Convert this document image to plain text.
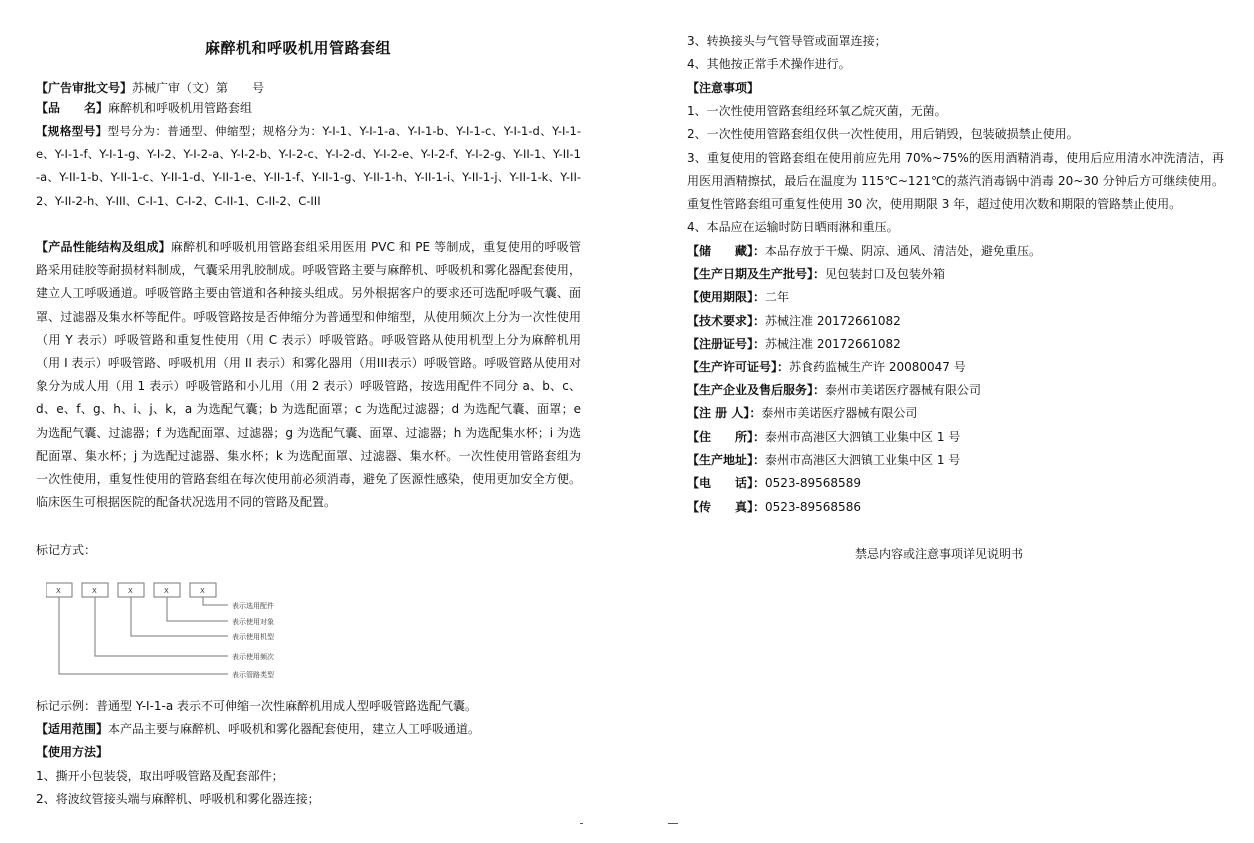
麻醉机和呼吸机用管路套组
【广告审批文号】苏械广审（文）第　　号
【品　　名】麻醉机和呼吸机用管路套组
【规格型号】型号分为：普通型、伸缩型；规格分为：Y-I-1、Y-I-1-a、Y-I-1-b、Y-I-1-c、Y-I-1-d、Y-I-1-e、Y-I-1-f、Y-I-1-g、Y-I-2、Y-I-2-a、Y-I-2-b、Y-I-2-c、Y-I-2-d、Y-I-2-e、Y-I-2-f、Y-I-2-g、Y-II-1、Y-II-1-a、Y-II-1-b、Y-II-1-c、Y-II-1-d、Y-II-1-e、Y-II-1-f、Y-II-1-g、Y-II-1-h、Y-II-1-i、Y-II-1-j、Y-II-1-k、Y-II-2、Y-II-2-h、Y-III、C-I-1、C-I-2、C-II-1、C-II-2、C-III
【产品性能结构及组成】麻醉机和呼吸机用管路套组采用医用 PVC 和 PE 等制成，重复使用的呼吸管路采用硅胶等耐损材料制成，气囊采用乳胶制成。呼吸管路主要与麻醉机、呼吸机和雾化器配套使用，建立人工呼吸通道。呼吸管路主要由管道和各种接头组成。另外根据客户的要求还可选配呼吸气囊、面罩、过滤器及集水杯等配件。呼吸管路按是否伸缩分为普通型和伸缩型，从使用频次上分为一次性使用（用 Y 表示）呼吸管路和重复性使用（用 C 表示）呼吸管路。呼吸管路从使用机型上分为麻醉机用（用 I 表示）呼吸管路、呼吸机用（用 II 表示）和雾化器用（用III表示）呼吸管路。呼吸管路从使用对象分为成人用（用 1 表示）呼吸管路和小儿用（用 2 表示）呼吸管路，按选用配件不同分 a、b、c、d、e、f、g、h、i、j、k，a 为选配气囊；b 为选配面罩；c 为选配过滤器；d 为选配气囊、面罩；e 为选配气囊、过滤器；f 为选配面罩、过滤器；g 为选配气囊、面罩、过滤器；h 为选配集水杯；i 为选配面罩、集水杯；j 为选配过滤器、集水杯；k 为选配面罩、过滤器、集水杯。一次性使用管路套组为一次性使用，重复性使用的管路套组在每次使用前必须消毒，避免了医源性感染，使用更加安全方便。临床医生可根据医院的配备状况选用不同的管路及配置。
标记方式：
X	X	X	X	X
表示选用配件
表示使用对象
表示使用机型
表示使用频次
表示管路类型
标记示例：普通型 Y-I-1-a 表示不可伸缩一次性麻醉机用成人型呼吸管路选配气囊。
【适用范围】本产品主要与麻醉机、呼吸机和雾化器配套使用，建立人工呼吸通道。
【使用方法】
1、撕开小包装袋，取出呼吸管路及配套部件；
2、将波纹管接头端与麻醉机、呼吸机和雾化器连接；
3、转换接头与气管导管或面罩连接；
4、其他按正常手术操作进行。
【注意事项】
1、一次性使用管路套组经环氧乙烷灭菌，无菌。
2、一次性使用管路套组仅供一次性使用，用后销毁，包装破损禁止使用。
3、重复使用的管路套组在使用前应先用 70%~75%的医用酒精消毒，使用后应用清水冲洗清洁，再用医用酒精擦拭，最后在温度为 115℃~121℃的蒸汽消毒锅中消毒 20~30 分钟后方可继续使用。重复性管路套组可重复性使用 30 次，使用期限 3 年，超过使用次数和期限的管路禁止使用。
4、本品应在运输时防日晒雨淋和重压。
【储　　藏】：本品存放于干燥、阴凉、通风、清洁处，避免重压。
【生产日期及生产批号】：见包装封口及包装外箱
【使用期限】：二年
【技术要求】：苏械注准 20172661082
【注册证号】：苏械注准 20172661082
【生产许可证号】：苏食药监械生产许 20080047 号
【生产企业及售后服务】：泰州市美诺医疗器械有限公司
【注 册 人】：泰州市美诺医疗器械有限公司
【住　　所】：泰州市高港区大泗镇工业集中区 1 号
【生产地址】：泰州市高港区大泗镇工业集中区 1 号
【电　　话】：0523-89568589
【传　　真】：0523-89568586
禁忌内容或注意事项详见说明书
